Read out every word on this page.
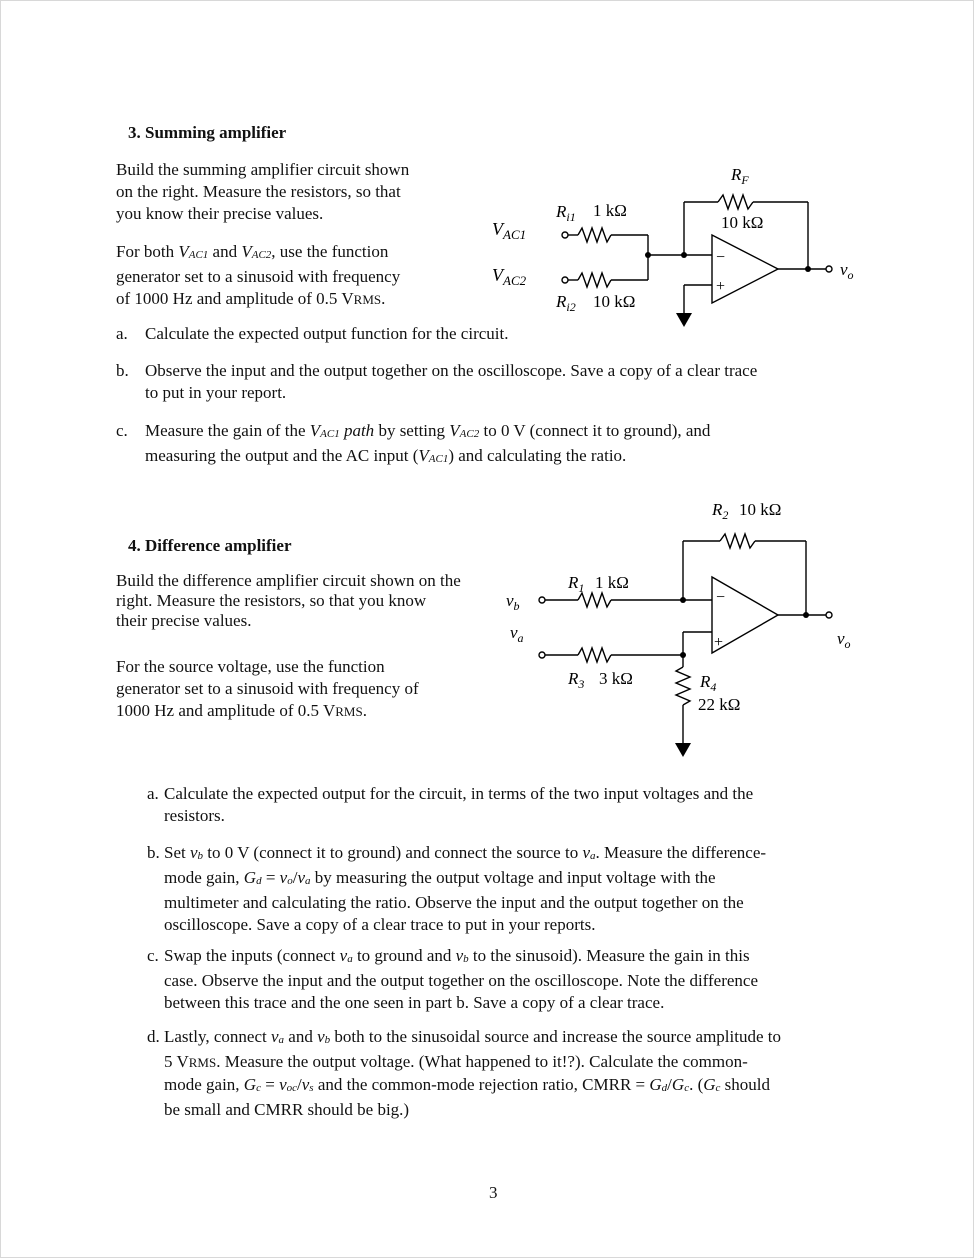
3. Summing amplifier
Build the summing amplifier circuit shown
on the right. Measure the resistors, so that
you know their precise values.
For both VAC1 and VAC2, use the function
generator set to a sinusoid with frequency
of 1000 Hz and amplitude of 0.5 VRMS.
$V_{AC1}$
$V_{AC2}$
$R_{i1}$ 1 kΩ
$R_{i2}$ 10 kΩ
$R_F$
10 kΩ
−
+
$v_o$
a. Calculate the expected output function for the circuit.
b. Observe the input and the output together on the oscilloscope. Save a copy of a clear trace
to put in your report.
c. Measure the gain of the VAC1 path by setting VAC2 to 0 V (connect it to ground), and
measuring the output and the AC input (VAC1) and calculating the ratio.
4. Difference amplifier
Build the difference amplifier circuit shown on the
right. Measure the resistors, so that you know
their precise values.
For the source voltage, use the function
generator set to a sinusoid with frequency of
1000 Hz and amplitude of 0.5 VRMS.
$R_2$ 10 kΩ
$R_1$ 1 kΩ
$R_3$ 3 kΩ	$R_4$
22 kΩ
$v_b$
$v_a$	$v_o$
−
+
a. Calculate the expected output for the circuit, in terms of the two input voltages and the
resistors.
b. Set vb to 0 V (connect it to ground) and connect the source to va. Measure the difference-
mode gain, Gd = vo/va by measuring the output voltage and input voltage with the
multimeter and calculating the ratio. Observe the input and the output together on the
oscilloscope. Save a copy of a clear trace to put in your reports.
c. Swap the inputs (connect va to ground and vb to the sinusoid). Measure the gain in this
case. Observe the input and the output together on the oscilloscope. Note the difference
between this trace and the one seen in part b. Save a copy of a clear trace.
d. Lastly, connect va and vb both to the sinusoidal source and increase the source amplitude to
5 VRMS. Measure the output voltage. (What happened to it!?). Calculate the common-
mode gain, Gc = voc/vs and the common-mode rejection ratio, CMRR = Gd/Gc. (Gc should
be small and CMRR should be big.)
3
